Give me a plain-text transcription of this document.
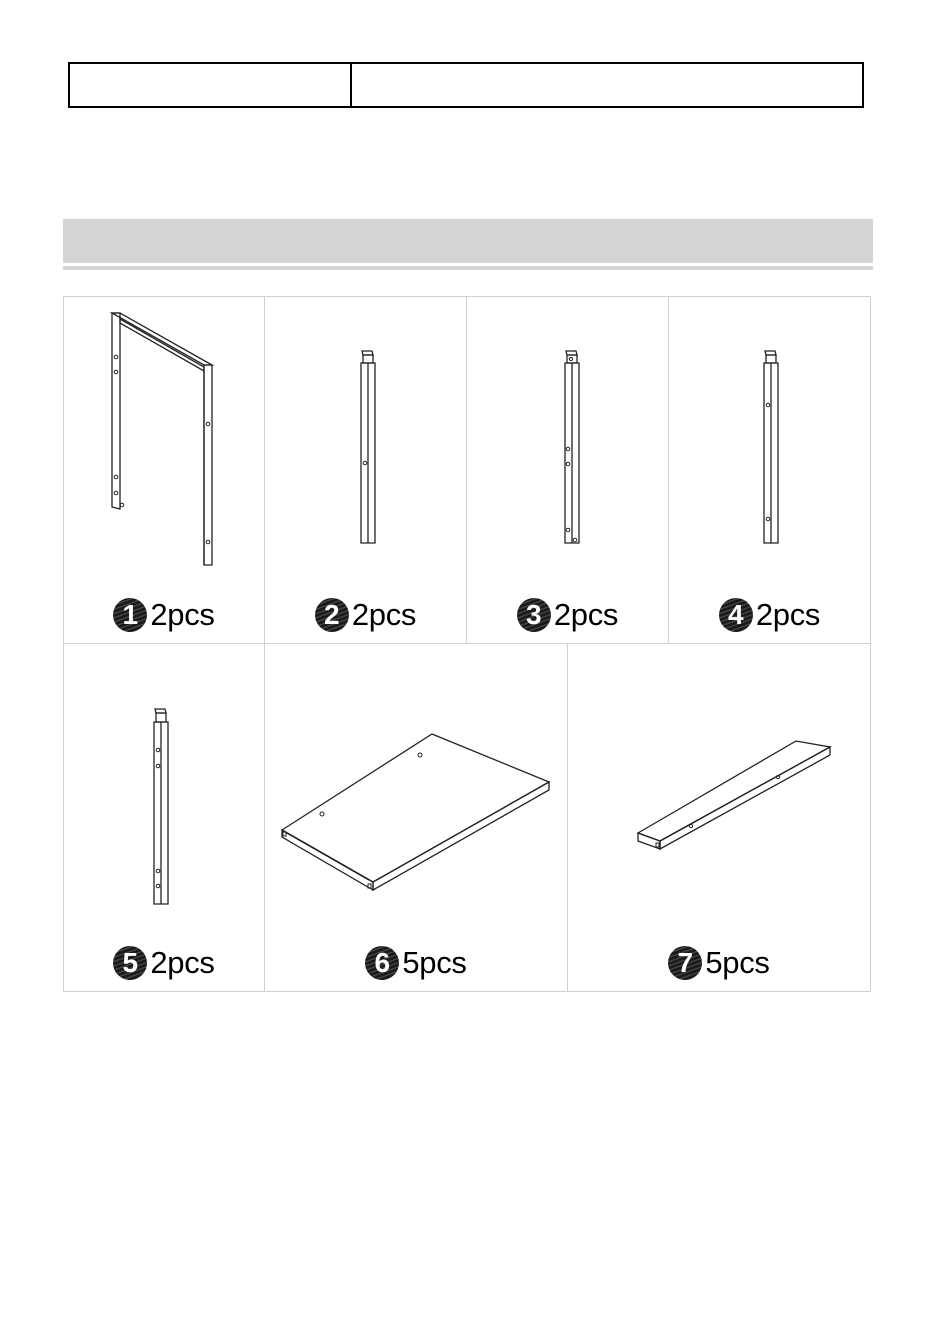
1 2pcs	2 2pcs	3 2pcs	4 2pcs
5 2pcs	6 5pcs	7 5pcs
